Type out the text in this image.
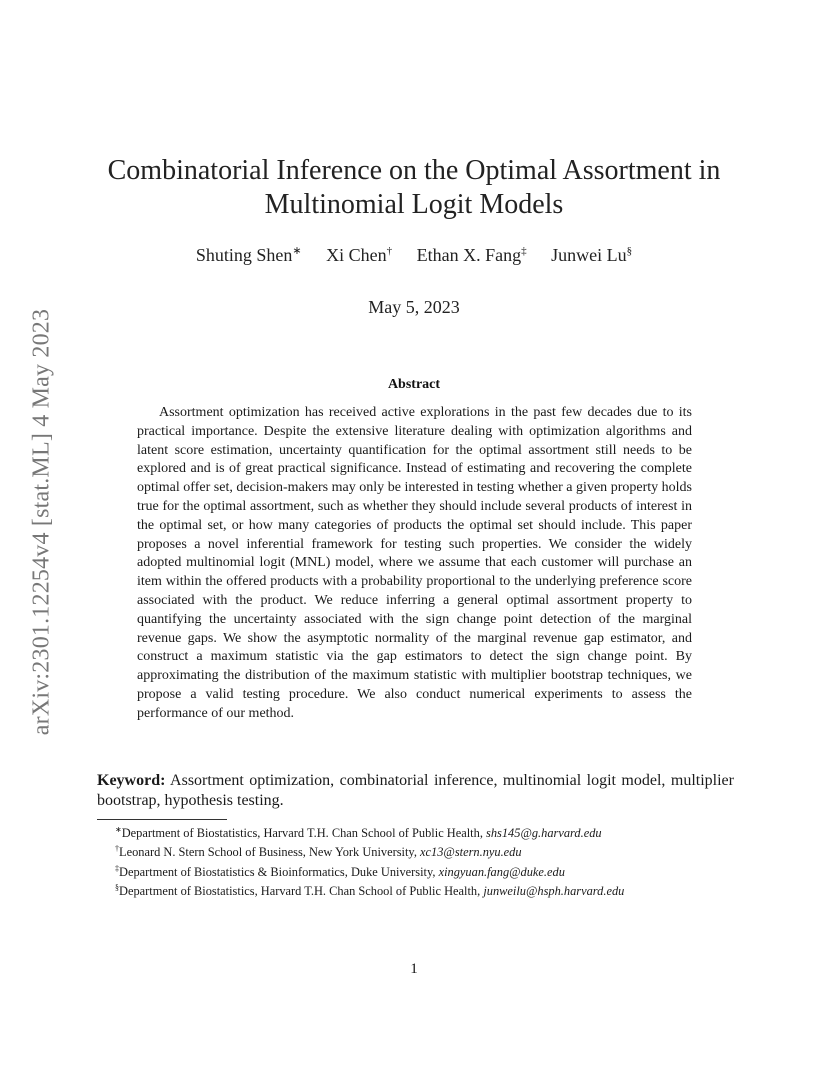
arXiv:2301.12254v4 [stat.ML] 4 May 2023
Combinatorial Inference on the Optimal Assortment in
Multinomial Logit Models
Shuting Shen∗ Xi Chen† Ethan X. Fang‡ Junwei Lu§
May 5, 2023
Abstract
Assortment optimization has received active explorations in the past few decades due to its practical importance. Despite the extensive literature dealing with optimization algorithms and latent score estimation, uncertainty quantification for the optimal assortment still needs to be explored and is of great practical significance. Instead of estimating and recovering the complete optimal offer set, decision-makers may only be interested in testing whether a given property holds true for the optimal assortment, such as whether they should include several products of interest in the optimal set, or how many categories of products the optimal set should include. This paper proposes a novel inferential framework for testing such properties. We consider the widely adopted multinomial logit (MNL) model, where we assume that each customer will purchase an item within the offered products with a probability proportional to the underlying preference score associated with the product. We reduce inferring a general optimal assortment property to quantifying the uncertainty associated with the sign change point detection of the marginal revenue gaps. We show the asymptotic normality of the marginal revenue gap estimator, and construct a maximum statistic via the gap estimators to detect the sign change point. By approximating the distribution of the maximum statistic with multiplier bootstrap techniques, we propose a valid testing procedure. We also conduct numerical experiments to assess the performance of our method.
Keyword: Assortment optimization, combinatorial inference, multinomial logit model, multiplier bootstrap, hypothesis testing.
∗Department of Biostatistics, Harvard T.H. Chan School of Public Health, shs145@g.harvard.edu
†Leonard N. Stern School of Business, New York University, xc13@stern.nyu.edu
‡Department of Biostatistics & Bioinformatics, Duke University, xingyuan.fang@duke.edu
§Department of Biostatistics, Harvard T.H. Chan School of Public Health, junweilu@hsph.harvard.edu
1
